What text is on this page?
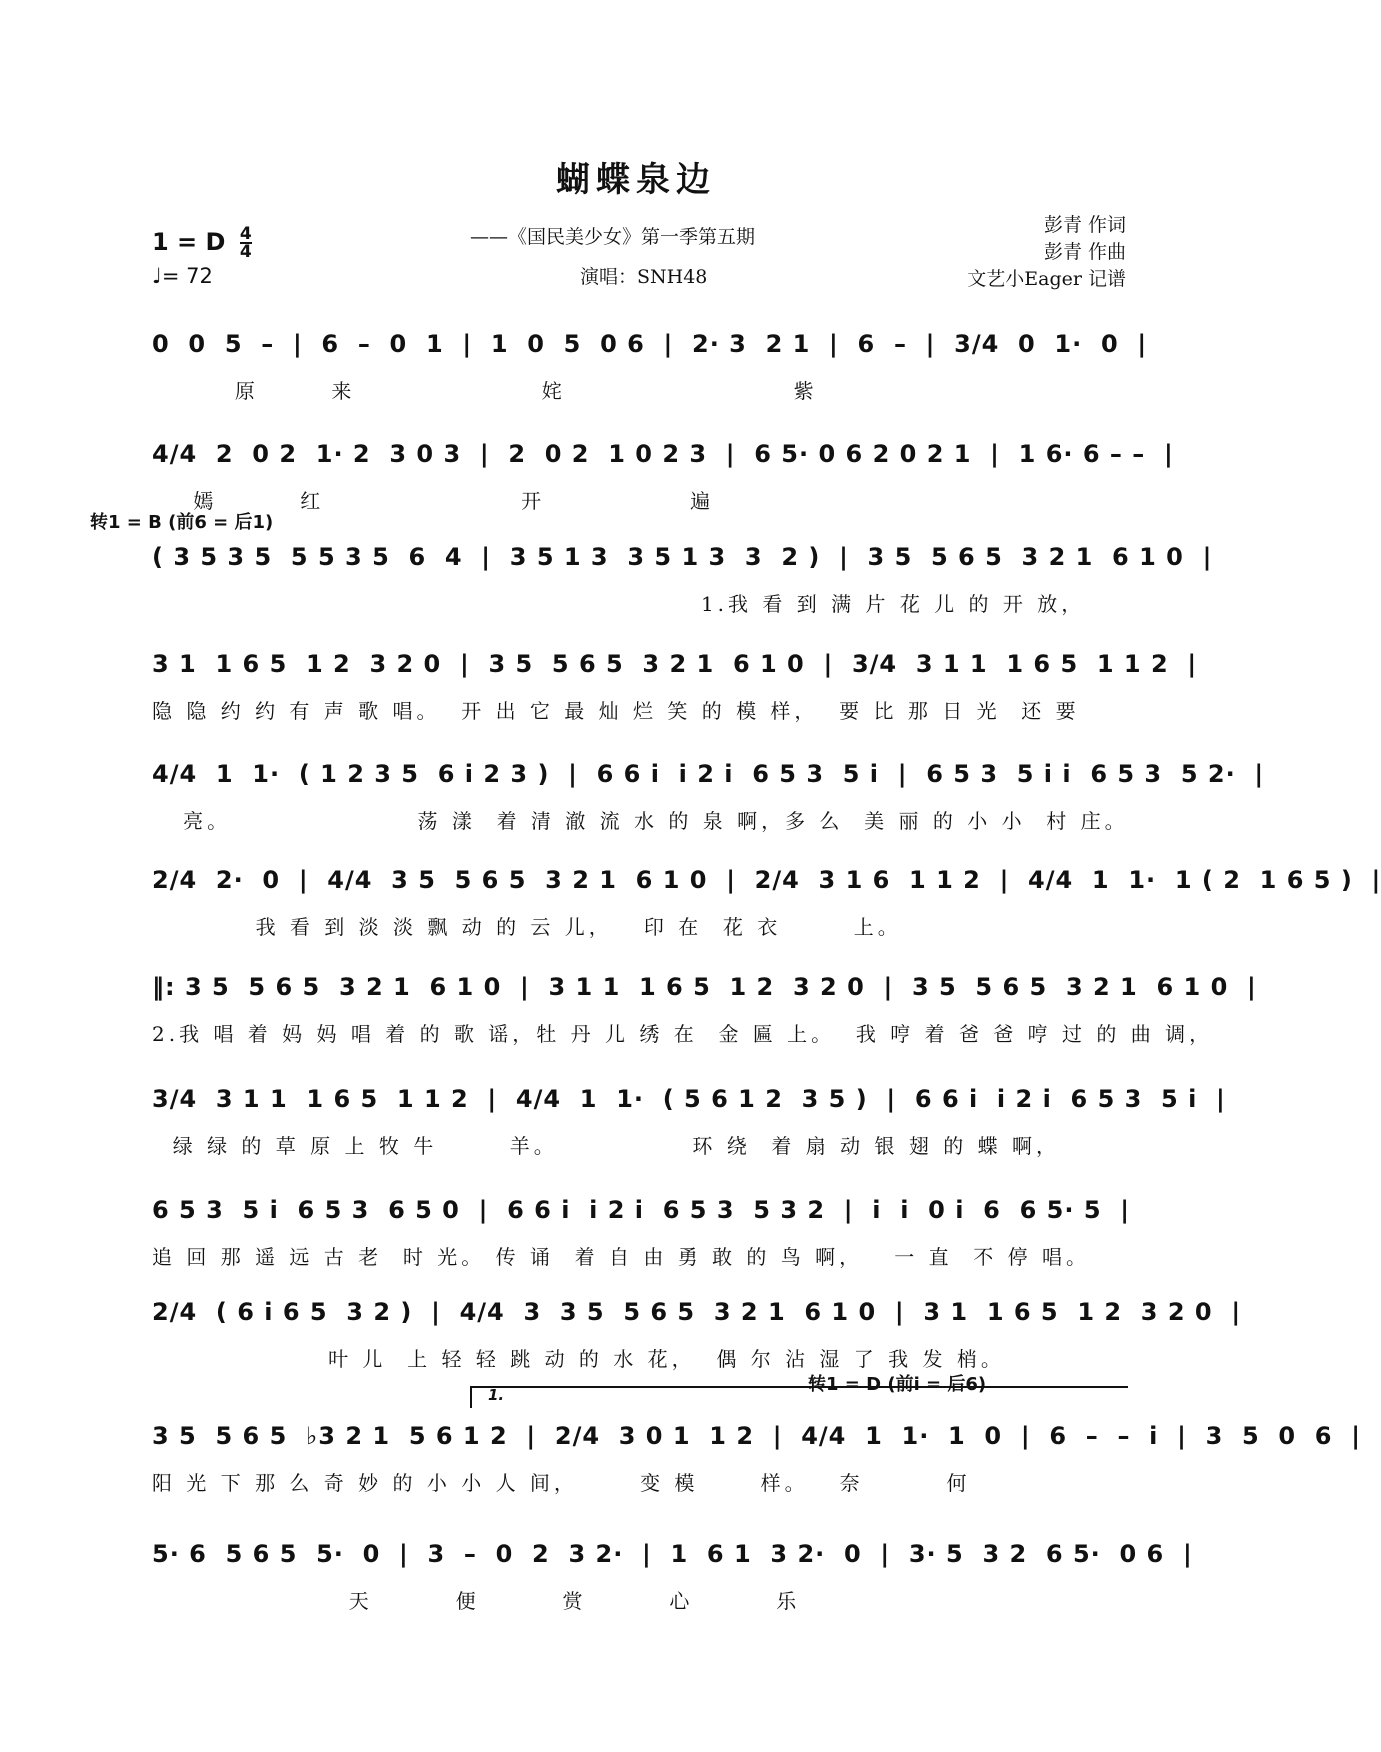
蝴蝶泉边
——《国民美少女》第一季第五期
演唱：SNH48
彭青 作词
彭青 作曲
文艺小Eager 记谱
1 = D $\frac{4}{4}$
♩= 72
转1 = B (前6 = 后1)
转1 = D (前i = 后6)
1.
0  0  5  –  |  6  –  0  1  |  1  0  5  0 6  |  2· 3  2 1  |  6  –  |  3/4  0  1·  0  |
原       来                  姹                      紫
4/4  2  0 2  1· 2  3 0 3  |  2  0 2  1 0 2 3  |  6 5· 0 6 2 0 2 1  |  1 6· 6 – –  |
嫣        红                   开              遍
( 3 5 3 5  5 5 3 5  6  4  |  3 5 1 3  3 5 1 3  3  2 )  |  3 5  5 6 5  3 2 1  6 1 0  |
1.我 看 到 满 片 花 儿 的 开 放，
3 1  1 6 5  1 2  3 2 0  |  3 5  5 6 5  3 2 1  6 1 0  |  3/4  3 1 1  1 6 5  1 1 2  |
隐 隐 约 约 有 声 歌 唱。  开 出 它 最 灿 烂 笑 的 模 样，  要 比 那 日 光  还 要
4/4  1  1·  ( 1 2 3 5  6 i 2 3 )  |  6 6 i  i 2 i  6 5 3  5 i  |  6 5 3  5 i i  6 5 3  5 2·  |
亮。                  荡 漾  着 清 澈 流 水 的 泉 啊，多 么  美 丽 的 小 小  村 庄。
2/4  2·  0  |  4/4  3 5  5 6 5  3 2 1  6 1 0  |  2/4  3 1 6  1 1 2  |  4/4  1  1·  1 ( 2  1 6 5 )  |
我 看 到 淡 淡 飘 动 的 云 儿，   印 在  花 衣       上。
‖: 3 5  5 6 5  3 2 1  6 1 0  |  3 1 1  1 6 5  1 2  3 2 0  |  3 5  5 6 5  3 2 1  6 1 0  |
2.我 唱 着 妈 妈 唱 着 的 歌 谣，牡 丹 儿 绣 在  金 匾 上。  我 哼 着 爸 爸 哼 过 的 曲 调，
3/4  3 1 1  1 6 5  1 1 2  |  4/4  1  1·  ( 5 6 1 2  3 5 )  |  6 6 i  i 2 i  6 5 3  5 i  |
绿 绿 的 草 原 上 牧 牛       羊。             环 绕  着 扇 动 银 翅 的 蝶 啊，
6 5 3  5 i  6 5 3  6 5 0  |  6 6 i  i 2 i  6 5 3  5 3 2  |  i  i  0 i  6  6 5· 5  |
追 回 那 遥 远 古 老  时 光。 传 诵  着 自 由 勇 敢 的 鸟 啊，   一 直  不 停 唱。
2/4  ( 6 i 6 5  3 2 )  |  4/4  3  3 5  5 6 5  3 2 1  6 1 0  |  3 1  1 6 5  1 2  3 2 0  |
叶 儿  上 轻 轻 跳 动 的 水 花，  偶 尔 沾 湿 了 我 发 梢。
3 5  5 6 5  ♭3 2 1  5 6 1 2  |  2/4  3 0 1  1 2  |  4/4  1  1·  1  0  |  6  –  –  i  |  3  5  0  6  |
阳 光 下 那 么 奇 妙 的 小 小 人 间，      变 模      样。   奈        何
5· 6  5 6 5  5·  0  |  3  –  0  2  3 2·  |  1  6 1  3 2·  0  |  3· 5  3 2  6 5·  0 6  |
天        便        赏        心        乐
